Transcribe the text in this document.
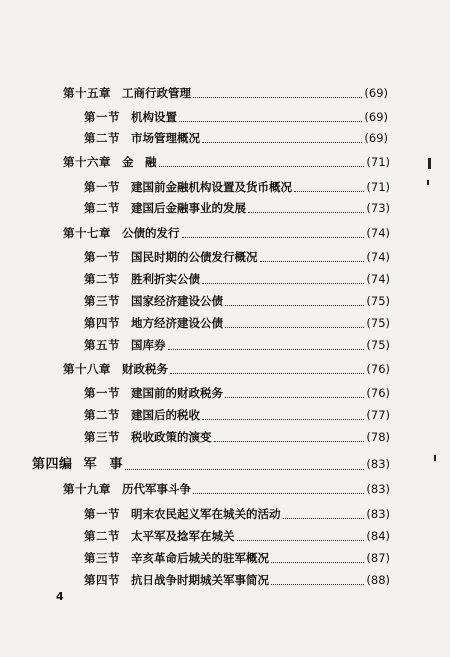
第十五章 工商行政管理	(69)
第一节 机构设置	(69)
第二节 市场管理概况	(69)
第十六章 金　融	(71)
第一节 建国前金融机构设置及货币概况	(71)
第二节 建国后金融事业的发展	(73)
第十七章 公债的发行	(74)
第一节 国民时期的公债发行概况	(74)
第二节 胜利折实公债	(74)
第三节 国家经济建设公债	(75)
第四节 地方经济建设公债	(75)
第五节 国库券	(75)
第十八章 财政税务	(76)
第一节 建国前的财政税务	(76)
第二节 建国后的税收	(77)
第三节 税收政策的演变	(78)
第四编 军　事	(83)
第十九章 历代军事斗争	(83)
第一节 明末农民起义军在城关的活动	(83)
第二节 太平军及捻军在城关	(84)
第三节 辛亥革命后城关的驻军概况	(87)
第四节 抗日战争时期城关军事简况	(88)
4
